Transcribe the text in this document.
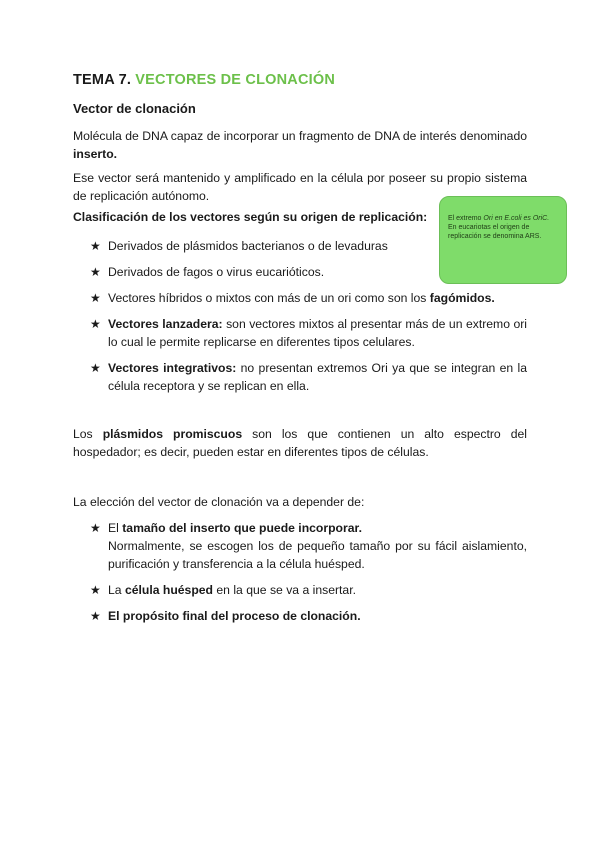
TEMA 7. VECTORES DE CLONACIÓN
Vector de clonación

Molécula de DNA capaz de incorporar un fragmento de DNA de interés denominado inserto.

Ese vector será mantenido y amplificado en la célula por poseer su propio sistema de replicación autónomo.

Clasificación de los vectores según su origen de replicación:	El extremo Ori en E.coli es OriC.
En eucariotas el origen de replicación se denomina ARS.
★ Derivados de plásmidos bacterianos o de levaduras
★ Derivados de fagos o virus eucarióticos.
★ Vectores híbridos o mixtos con más de un ori como son los fagómidos.
★ Vectores lanzadera: son vectores mixtos al presentar más de un extremo ori lo cual le permite replicarse en diferentes tipos celulares.
★ Vectores integrativos: no presentan extremos Ori ya que se integran en la célula receptora y se replican en ella.

Los plásmidos promiscuos son los que contienen un alto espectro del hospedador; es decir, pueden estar en diferentes tipos de células.

La elección del vector de clonación va a depender de:

★ El tamaño del inserto que puede incorporar.
Normalmente, se escogen los de pequeño tamaño por su fácil aislamiento, purificación y transferencia a la célula huésped.
★ La célula huésped en la que se va a insertar.
★ El propósito final del proceso de clonación.
